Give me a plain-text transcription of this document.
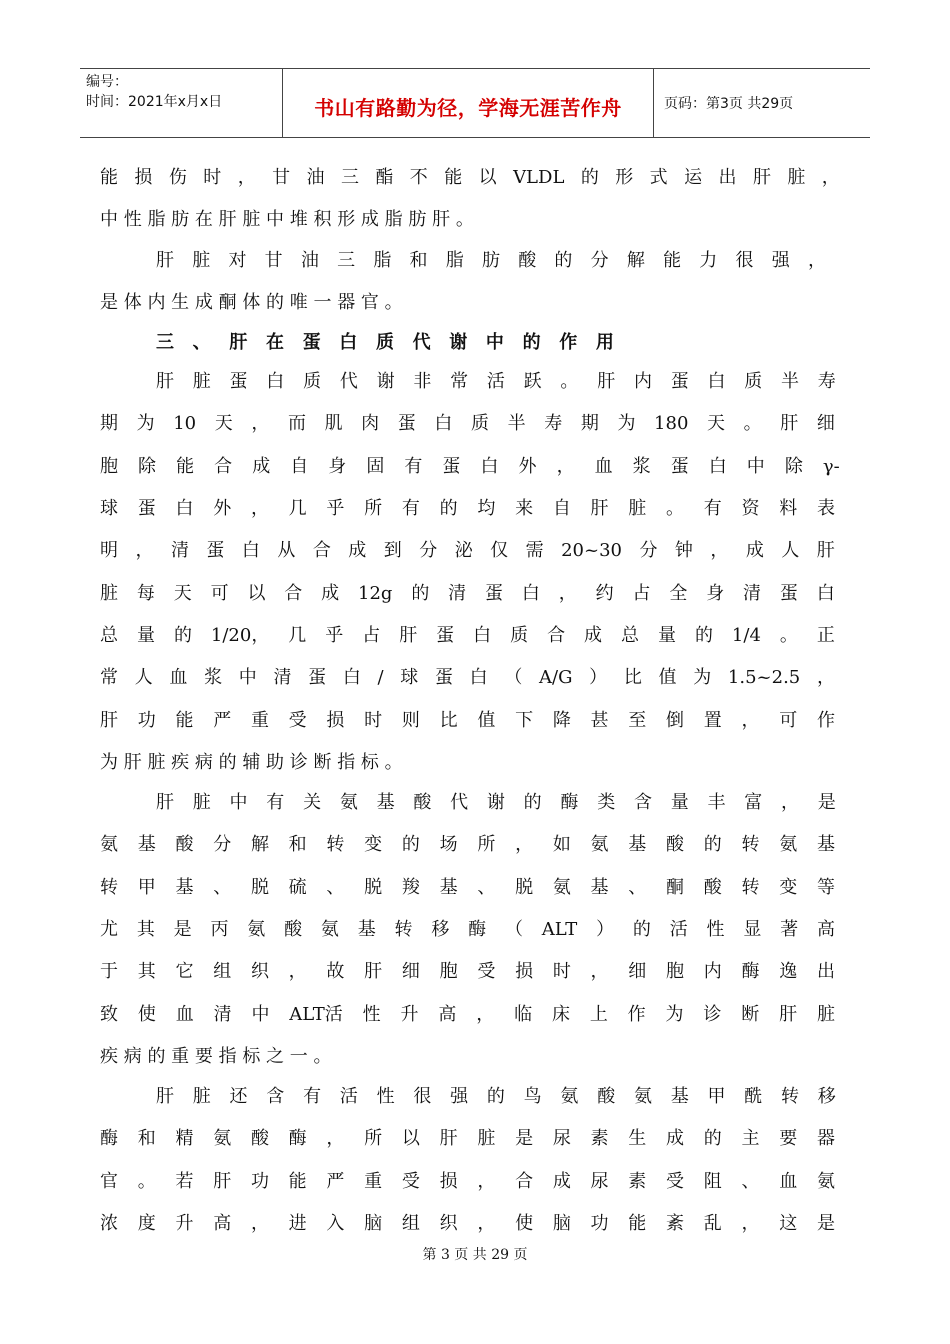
编号：
时间：2021年x月x日	书山有路勤为径，学海无涯苦作舟	页码：第3页 共29页
能 损 伤 时 ， 甘 油 三 酯 不 能 以 VLDL 的 形 式 运 出 肝 脏 ，
中 性 脂 肪 在 肝 脏 中 堆 积 形 成 脂 肪 肝 。
肝 脏 对 甘 油 三 脂 和 脂 肪 酸 的 分 解 能 力 很 强 ，
是 体 内 生 成 酮 体 的 唯 一 器 官 。
三 、 肝 在 蛋 白 质 代 谢 中 的 作 用
肝 脏 蛋 白 质 代 谢 非 常 活 跃 。 肝 内 蛋 白 质 半 寿
期 为 10 天 ， 而 肌 肉 蛋 白 质 半 寿 期 为 180 天 。 肝 细
胞 除 能 合 成 自 身 固 有 蛋 白 外 ， 血 浆 蛋 白 中 除 γ-
球 蛋 白 外 ， 几 乎 所 有 的 均 来 自 肝 脏 。 有 资 料 表
明 ， 清 蛋 白 从 合 成 到 分 泌 仅 需 20~30 分 钟 ， 成 人 肝
脏 每 天 可 以 合 成 12g 的 清 蛋 白 ， 约 占 全 身 清 蛋 白
总 量 的 1/20， 几 乎 占 肝 蛋 白 质 合 成 总 量 的 1/4 。 正
常 人 血 浆 中 清 蛋 白 / 球 蛋 白 （ A/G ） 比 值 为 1.5~2.5 ，
肝 功 能 严 重 受 损 时 则 比 值 下 降 甚 至 倒 置 ， 可 作
为 肝 脏 疾 病 的 辅 助 诊 断 指 标 。
肝 脏 中 有 关 氨 基 酸 代 谢 的 酶 类 含 量 丰 富 ， 是
氨 基 酸 分 解 和 转 变 的 场 所 ， 如 氨 基 酸 的 转 氨 基
转 甲 基 、 脱 硫 、 脱 羧 基 、 脱 氨 基 、 酮 酸 转 变 等
尤 其 是 丙 氨 酸 氨 基 转 移 酶 （ ALT ） 的 活 性 显 著 高
于 其 它 组 织 ， 故 肝 细 胞 受 损 时 ， 细 胞 内 酶 逸 出
致 使 血 清 中 ALT活 性 升 高 ， 临 床 上 作 为 诊 断 肝 脏
疾 病 的 重 要 指 标 之 一 。
肝 脏 还 含 有 活 性 很 强 的 鸟 氨 酸 氨 基 甲 酰 转 移
酶 和 精 氨 酸 酶 ， 所 以 肝 脏 是 尿 素 生 成 的 主 要 器
官 。 若 肝 功 能 严 重 受 损 ， 合 成 尿 素 受 阻 、 血 氨
浓 度 升 高 ， 进 入 脑 组 织 ， 使 脑 功 能 紊 乱 ， 这 是
第 3 页 共 29 页
